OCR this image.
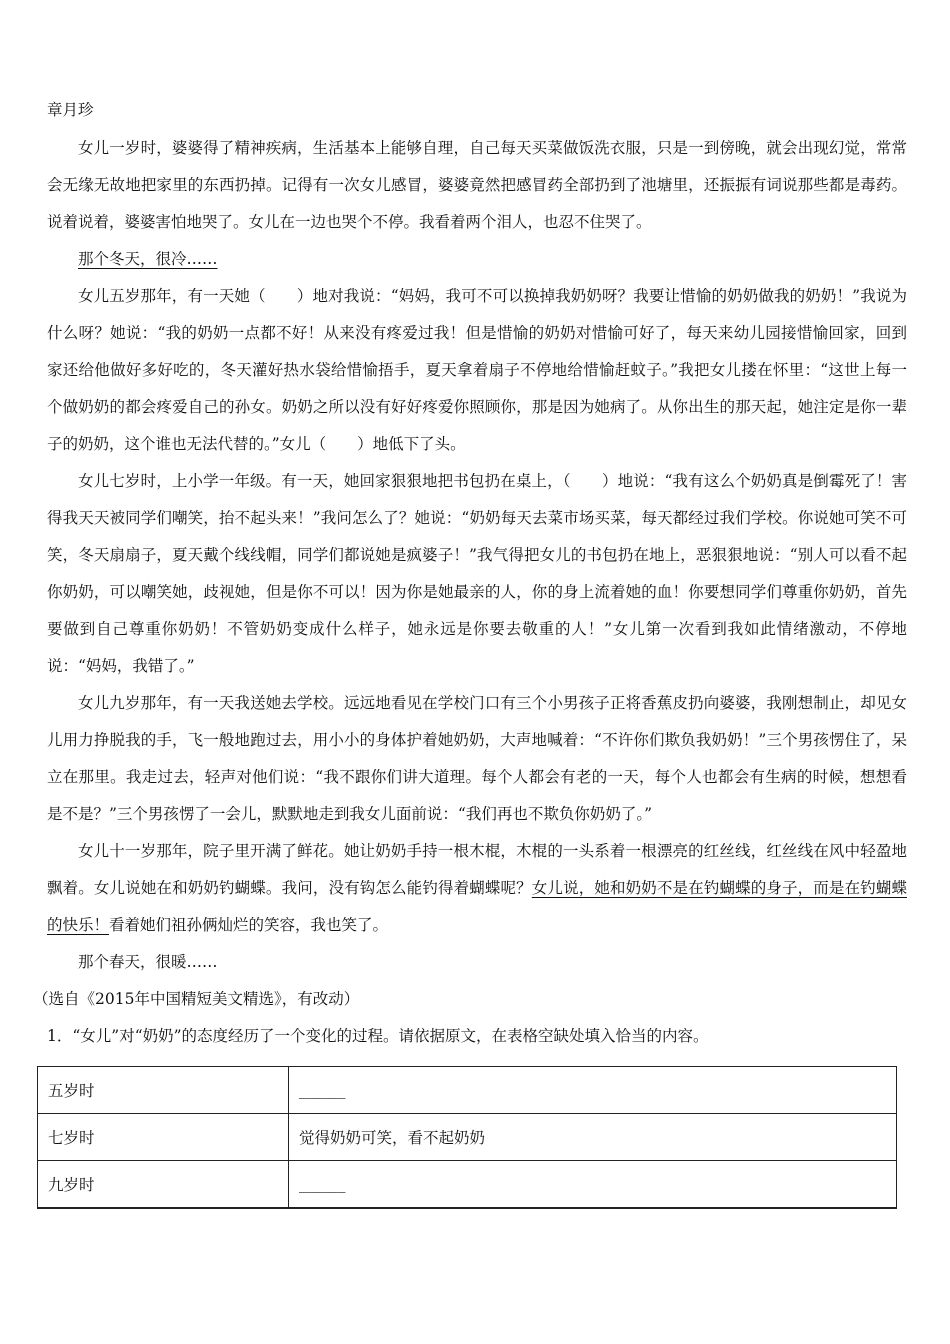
章月珍

女儿一岁时，婆婆得了精神疾病，生活基本上能够自理，自己每天买菜做饭洗衣服，只是一到傍晚，就会出现幻觉，常常会无缘无故地把家里的东西扔掉。记得有一次女儿感冒，婆婆竟然把感冒药全部扔到了池塘里，还振振有词说那些都是毒药。说着说着，婆婆害怕地哭了。女儿在一边也哭个不停。我看着两个泪人，也忍不住哭了。

那个冬天，很冷……

女儿五岁那年，有一天她（　　）地对我说：“妈妈，我可不可以换掉我奶奶呀？我要让惜愉的奶奶做我的奶奶！”我说为什么呀？她说：“我的奶奶一点都不好！从来没有疼爱过我！但是惜愉的奶奶对惜愉可好了，每天来幼儿园接惜愉回家，回到家还给他做好多好吃的，冬天灌好热水袋给惜愉捂手，夏天拿着扇子不停地给惜愉赶蚊子。”我把女儿搂在怀里：“这世上每一个做奶奶的都会疼爱自己的孙女。奶奶之所以没有好好疼爱你照顾你，那是因为她病了。从你出生的那天起，她注定是你一辈子的奶奶，这个谁也无法代替的。”女儿（　　）地低下了头。

女儿七岁时，上小学一年级。有一天，她回家狠狠地把书包扔在桌上，（　　）地说：“我有这么个奶奶真是倒霉死了！害得我天天被同学们嘲笑，抬不起头来！”我问怎么了？她说：“奶奶每天去菜市场买菜，每天都经过我们学校。你说她可笑不可笑，冬天扇扇子，夏天戴个线线帽，同学们都说她是疯婆子！”我气得把女儿的书包扔在地上，恶狠狠地说：“别人可以看不起你奶奶，可以嘲笑她，歧视她，但是你不可以！因为你是她最亲的人，你的身上流着她的血！你要想同学们尊重你奶奶，首先要做到自己尊重你奶奶！不管奶奶变成什么样子，她永远是你要去敬重的人！”女儿第一次看到我如此情绪激动，不停地说：“妈妈，我错了。”

女儿九岁那年，有一天我送她去学校。远远地看见在学校门口有三个小男孩子正将香蕉皮扔向婆婆，我刚想制止，却见女儿用力挣脱我的手，飞一般地跑过去，用小小的身体护着她奶奶，大声地喊着：“不许你们欺负我奶奶！”三个男孩愣住了，呆立在那里。我走过去，轻声对他们说：“我不跟你们讲大道理。每个人都会有老的一天，每个人也都会有生病的时候，想想看是不是？”三个男孩愣了一会儿，默默地走到我女儿面前说：“我们再也不欺负你奶奶了。”

女儿十一岁那年，院子里开满了鲜花。她让奶奶手持一根木棍，木棍的一头系着一根漂亮的红丝线，红丝线在风中轻盈地飘着。女儿说她在和奶奶钓蝴蝶。我问，没有钩怎么能钓得着蝴蝶呢？女儿说，她和奶奶不是在钓蝴蝶的身子，而是在钓蝴蝶的快乐！看着她们祖孙俩灿烂的笑容，我也笑了。

那个春天，很暖……

（选自《2015年中国精短美文精选》，有改动）

1．“女儿”对“奶奶”的态度经历了一个变化的过程。请依据原文，在表格空缺处填入恰当的内容。

五岁时	______
七岁时	觉得奶奶可笑，看不起奶奶
九岁时	______
